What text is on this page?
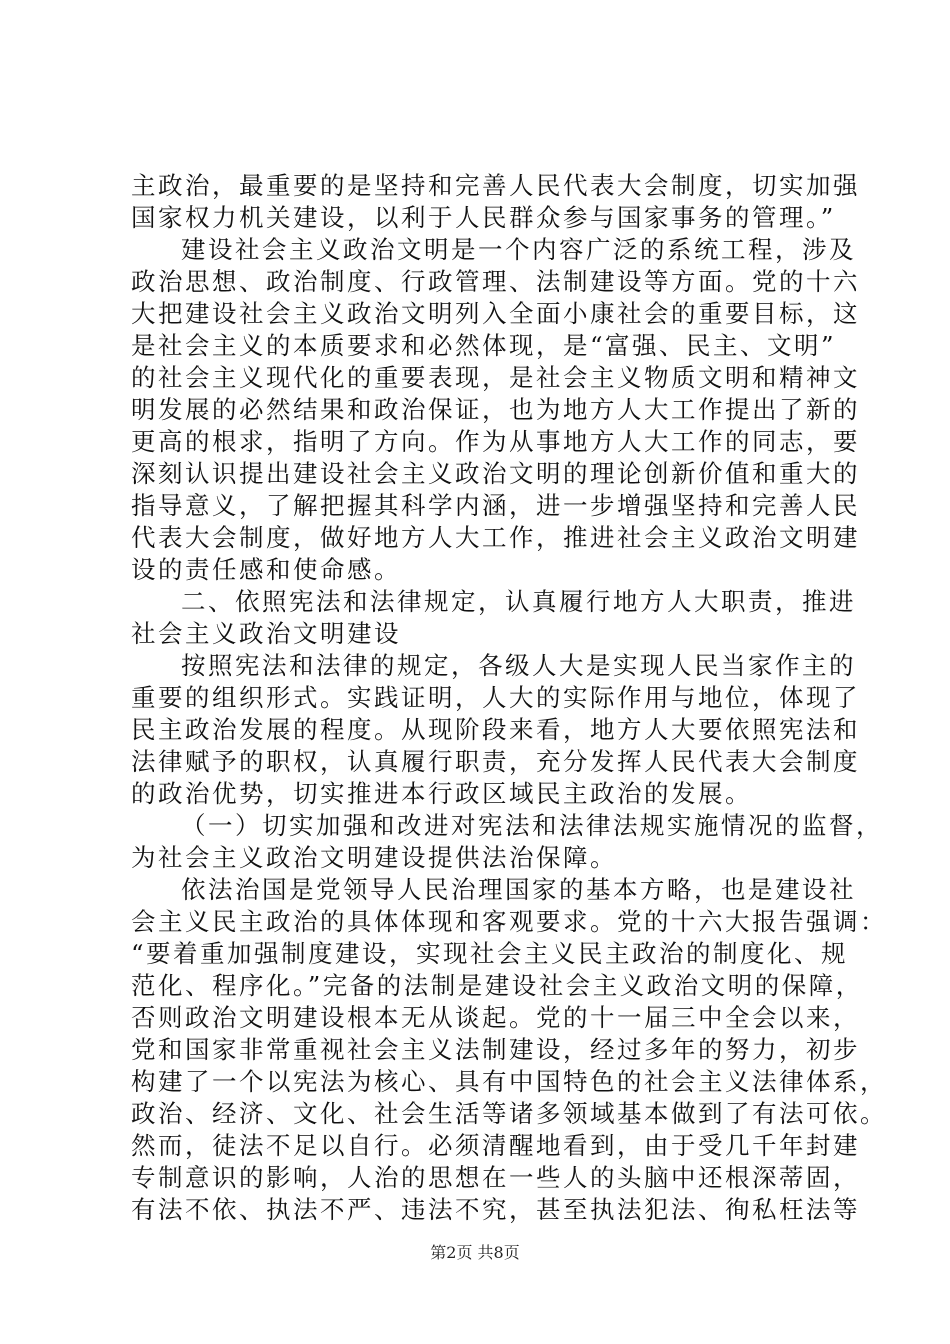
主政治，最重要的是坚持和完善人民代表大会制度，切实加强
国家权力机关建设，以利于人民群众参与国家事务的管理。”
建设社会主义政治文明是一个内容广泛的系统工程，涉及
政治思想、政治制度、行政管理、法制建设等方面。党的十六
大把建设社会主义政治文明列入全面小康社会的重要目标，这
是社会主义的本质要求和必然体现，是“富强、民主、文明”
的社会主义现代化的重要表现，是社会主义物质文明和精神文
明发展的必然结果和政治保证，也为地方人大工作提出了新的
更高的根求，指明了方向。作为从事地方人大工作的同志，要
深刻认识提出建设社会主义政治文明的理论创新价值和重大的
指导意义，了解把握其科学内涵，进一步增强坚持和完善人民
代表大会制度，做好地方人大工作，推进社会主义政治文明建
设的责任感和使命感。
二、依照宪法和法律规定，认真履行地方人大职责，推进
社会主义政治文明建设
按照宪法和法律的规定，各级人大是实现人民当家作主的
重要的组织形式。实践证明，人大的实际作用与地位，体现了
民主政治发展的程度。从现阶段来看，地方人大要依照宪法和
法律赋予的职权，认真履行职责，充分发挥人民代表大会制度
的政治优势，切实推进本行政区域民主政治的发展。
（一）切实加强和改进对宪法和法律法规实施情况的监督，
为社会主义政治文明建设提供法治保障。
依法治国是党领导人民治理国家的基本方略，也是建设社
会主义民主政治的具体体现和客观要求。党的十六大报告强调：
“要着重加强制度建设，实现社会主义民主政治的制度化、规
范化、程序化。”完备的法制是建设社会主义政治文明的保障，
否则政治文明建设根本无从谈起。党的十一届三中全会以来，
党和国家非常重视社会主义法制建设，经过多年的努力，初步
构建了一个以宪法为核心、具有中国特色的社会主义法律体系，
政治、经济、文化、社会生活等诸多领域基本做到了有法可依。
然而，徒法不足以自行。必须清醒地看到，由于受几千年封建
专制意识的影响，人治的思想在一些人的头脑中还根深蒂固，
有法不依、执法不严、违法不究，甚至执法犯法、徇私枉法等
第2页 共8页
